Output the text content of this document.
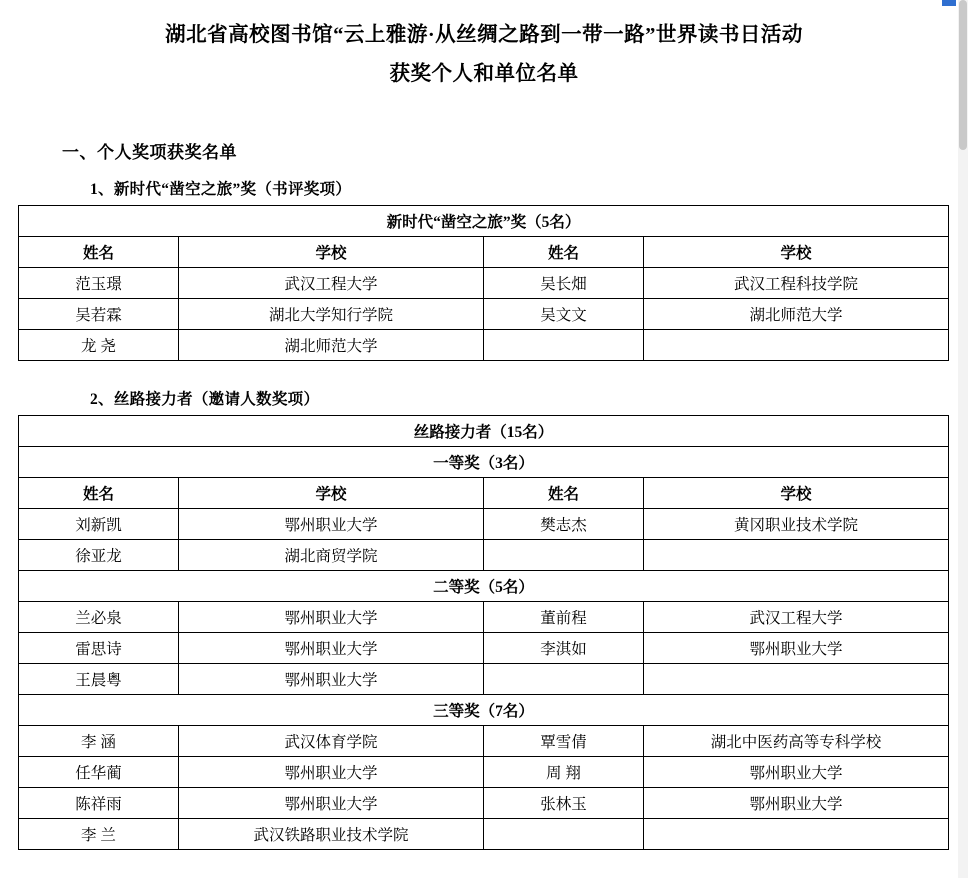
湖北省高校图书馆“云上雅游·从丝绸之路到一带一路”世界读书日活动
获奖个人和单位名单
一、个人奖项获奖名单
1、新时代“凿空之旅”奖（书评奖项）
新时代“凿空之旅”奖（5名）			
姓名	学校	姓名	学校
范玉璟	武汉工程大学	吴长畑	武汉工程科技学院
吴若霖	湖北大学知行学院	吴文文	湖北师范大学
龙 尧	湖北师范大学		
2、丝路接力者（邀请人数奖项）
丝路接力者（15名）			
一等奖（3名）			
姓名	学校	姓名	学校
刘新凯	鄂州职业大学	樊志杰	黄冈职业技术学院
徐亚龙	湖北商贸学院		
二等奖（5名）			
兰必泉	鄂州职业大学	董前程	武汉工程大学
雷思诗	鄂州职业大学	李淇如	鄂州职业大学
王晨粤	鄂州职业大学		
三等奖（7名）			
李 涵	武汉体育学院	覃雪倩	湖北中医药高等专科学校
任华蔺	鄂州职业大学	周 翔	鄂州职业大学
陈祥雨	鄂州职业大学	张林玉	鄂州职业大学
李 兰	武汉铁路职业技术学院		
